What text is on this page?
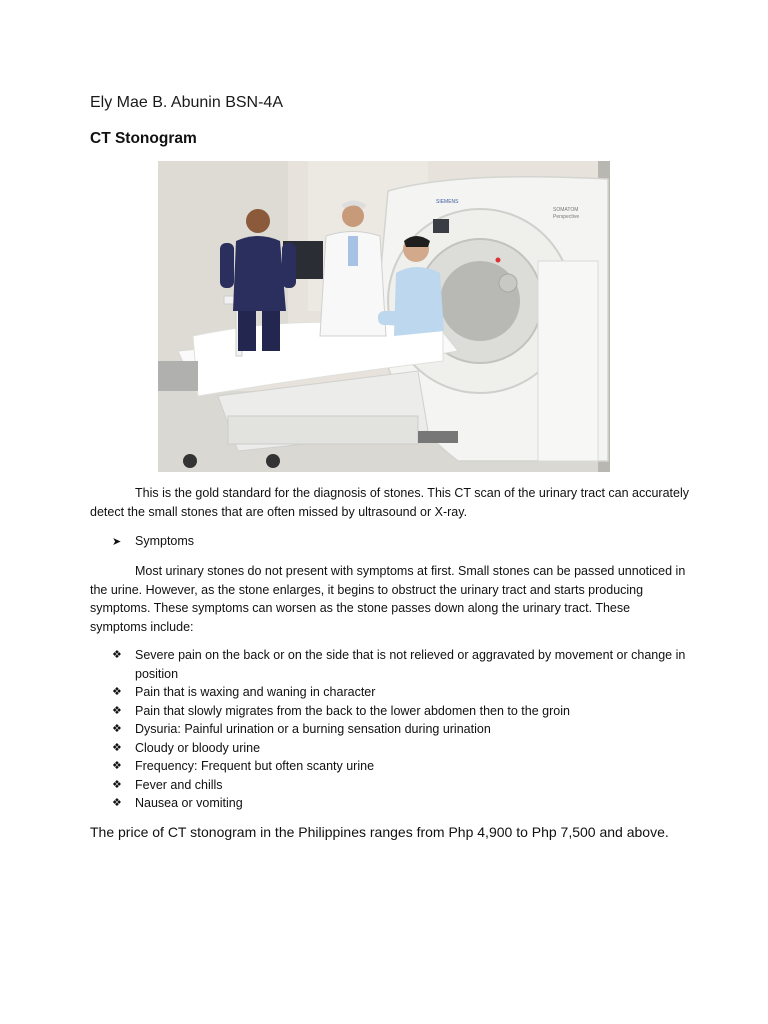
Ely Mae B. Abunin BSN-4A

CT Stonogram
SIEMENS
SOMATOM
Perspective

This is the gold standard for the diagnosis of stones. This CT scan of the urinary tract can accurately detect the small stones that are often missed by ultrasound or X-ray.

➤ Symptoms

Most urinary stones do not present with symptoms at first. Small stones can be passed unnoticed in the urine. However, as the stone enlarges, it begins to obstruct the urinary tract and starts producing symptoms. These symptoms can worsen as the stone passes down along the urinary tract. These symptoms include:

❖ Severe pain on the back or on the side that is not relieved or aggravated by movement or change in position
❖ Pain that is waxing and waning in character
❖ Pain that slowly migrates from the back to the lower abdomen then to the groin
❖ Dysuria: Painful urination or a burning sensation during urination
❖ Cloudy or bloody urine
❖ Frequency: Frequent but often scanty urine
❖ Fever and chills
❖ Nausea or vomiting

The price of CT stonogram in the Philippines ranges from Php 4,900 to Php 7,500 and above.
